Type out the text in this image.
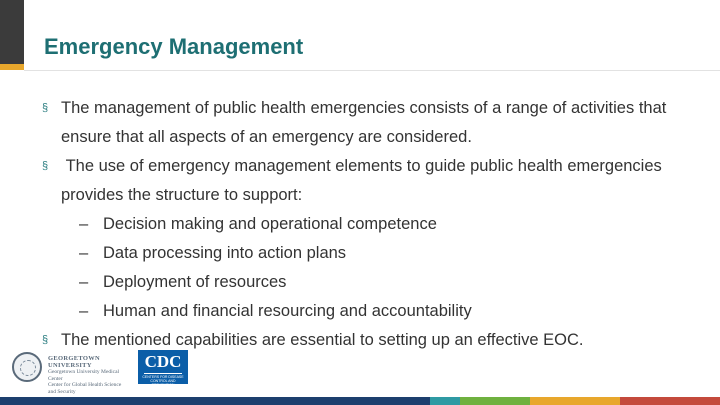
Emergency Management
§ The management of public health emergencies consists of a range of activities that ensure that all aspects of an emergency are considered.
§ The use of emergency management elements to guide public health emergencies provides the structure to support:
– Decision making and operational competence
– Data processing into action plans
– Deployment of resources
– Human and financial resourcing and accountability
§ The mentioned capabilities are essential to setting up an effective EOC.
GEORGETOWN UNIVERSITY
Georgetown University Medical Center
Center for Global Health Science and Security
CDC
CENTERS FOR DISEASE CONTROL AND PREVENTION
